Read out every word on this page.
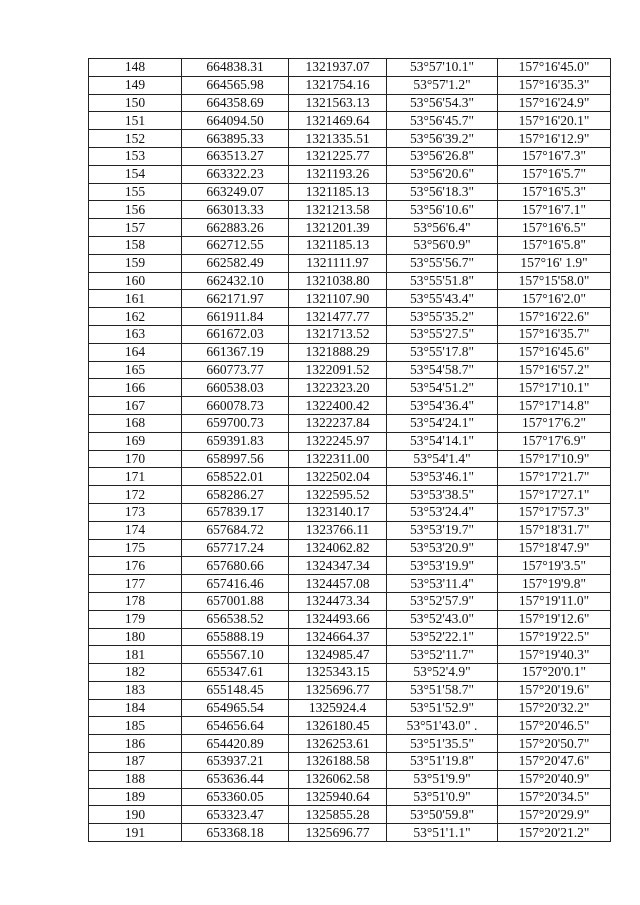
148	664838.31	1321937.07	53°57'10.1"	157°16'45.0"
149	664565.98	1321754.16	53°57'1.2"	157°16'35.3"
150	664358.69	1321563.13	53°56'54.3"	157°16'24.9"
151	664094.50	1321469.64	53°56'45.7"	157°16'20.1"
152	663895.33	1321335.51	53°56'39.2"	157°16'12.9"
153	663513.27	1321225.77	53°56'26.8"	157°16'7.3"
154	663322.23	1321193.26	53°56'20.6"	157°16'5.7"
155	663249.07	1321185.13	53°56'18.3"	157°16'5.3"
156	663013.33	1321213.58	53°56'10.6"	157°16'7.1"
157	662883.26	1321201.39	53°56'6.4"	157°16'6.5"
158	662712.55	1321185.13	53°56'0.9"	157°16'5.8"
159	662582.49	1321111.97	53°55'56.7"	157°16' 1.9"
160	662432.10	1321038.80	53°55'51.8"	157°15'58.0"
161	662171.97	1321107.90	53°55'43.4"	157°16'2.0"
162	661911.84	1321477.77	53°55'35.2"	157°16'22.6"
163	661672.03	1321713.52	53°55'27.5"	157°16'35.7"
164	661367.19	1321888.29	53°55'17.8"	157°16'45.6"
165	660773.77	1322091.52	53°54'58.7"	157°16'57.2"
166	660538.03	1322323.20	53°54'51.2"	157°17'10.1"
167	660078.73	1322400.42	53°54'36.4"	157°17'14.8"
168	659700.73	1322237.84	53°54'24.1"	157°17'6.2"
169	659391.83	1322245.97	53°54'14.1"	157°17'6.9"
170	658997.56	1322311.00	53°54'1.4"	157°17'10.9"
171	658522.01	1322502.04	53°53'46.1"	157°17'21.7"
172	658286.27	1322595.52	53°53'38.5"	157°17'27.1"
173	657839.17	1323140.17	53°53'24.4"	157°17'57.3"
174	657684.72	1323766.11	53°53'19.7"	157°18'31.7"
175	657717.24	1324062.82	53°53'20.9"	157°18'47.9"
176	657680.66	1324347.34	53°53'19.9"	157°19'3.5"
177	657416.46	1324457.08	53°53'11.4"	157°19'9.8"
178	657001.88	1324473.34	53°52'57.9"	157°19'11.0"
179	656538.52	1324493.66	53°52'43.0"	157°19'12.6"
180	655888.19	1324664.37	53°52'22.1"	157°19'22.5"
181	655567.10	1324985.47	53°52'11.7"	157°19'40.3"
182	655347.61	1325343.15	53°52'4.9"	157°20'0.1"
183	655148.45	1325696.77	53°51'58.7"	157°20'19.6"
184	654965.54	1325924.4	53°51'52.9"	157°20'32.2"
185	654656.64	1326180.45	53°51'43.0" .	157°20'46.5"
186	654420.89	1326253.61	53°51'35.5"	157°20'50.7"
187	653937.21	1326188.58	53°51'19.8"	157°20'47.6"
188	653636.44	1326062.58	53°51'9.9"	157°20'40.9"
189	653360.05	1325940.64	53°51'0.9"	157°20'34.5"
190	653323.47	1325855.28	53°50'59.8"	157°20'29.9"
191	653368.18	1325696.77	53°51'1.1"	157°20'21.2"
